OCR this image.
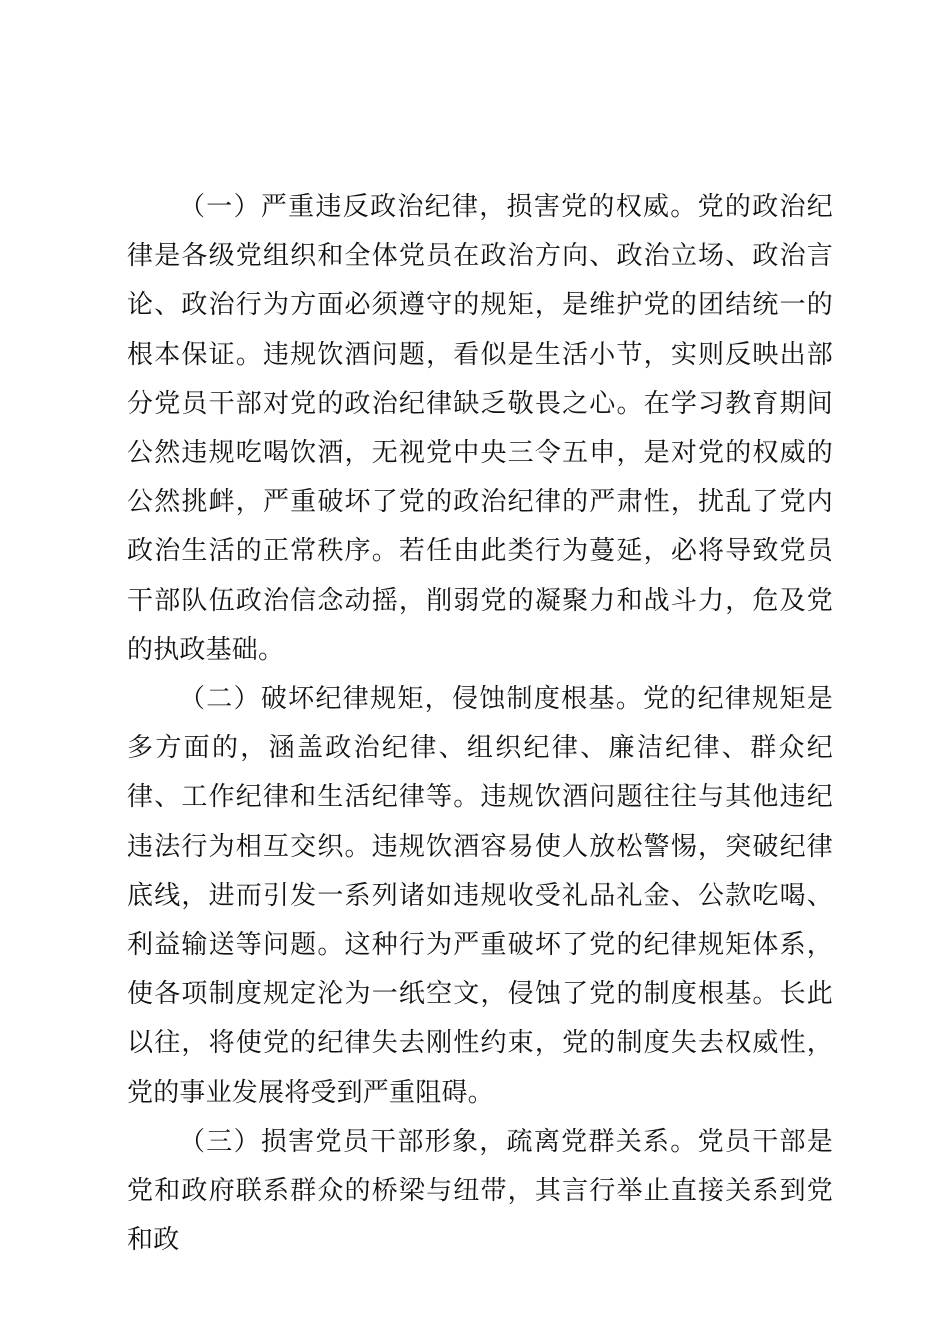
（一）严重违反政治纪律，损害党的权威。党的政治纪律是各级党组织和全体党员在政治方向、政治立场、政治言论、政治行为方面必须遵守的规矩，是维护党的团结统一的根本保证。违规饮酒问题，看似是生活小节，实则反映出部分党员干部对党的政治纪律缺乏敬畏之心。在学习教育期间公然违规吃喝饮酒，无视党中央三令五申，是对党的权威的公然挑衅，严重破坏了党的政治纪律的严肃性，扰乱了党内政治生活的正常秩序。若任由此类行为蔓延，必将导致党员干部队伍政治信念动摇，削弱党的凝聚力和战斗力，危及党的执政基础。

（二）破坏纪律规矩，侵蚀制度根基。党的纪律规矩是多方面的，涵盖政治纪律、组织纪律、廉洁纪律、群众纪律、工作纪律和生活纪律等。违规饮酒问题往往与其他违纪违法行为相互交织。违规饮酒容易使人放松警惕，突破纪律底线，进而引发一系列诸如违规收受礼品礼金、公款吃喝、利益输送等问题。这种行为严重破坏了党的纪律规矩体系，使各项制度规定沦为一纸空文，侵蚀了党的制度根基。长此以往，将使党的纪律失去刚性约束，党的制度失去权威性，党的事业发展将受到严重阻碍。

（三）损害党员干部形象，疏离党群关系。党员干部是党和政府联系群众的桥梁与纽带，其言行举止直接关系到党和政
